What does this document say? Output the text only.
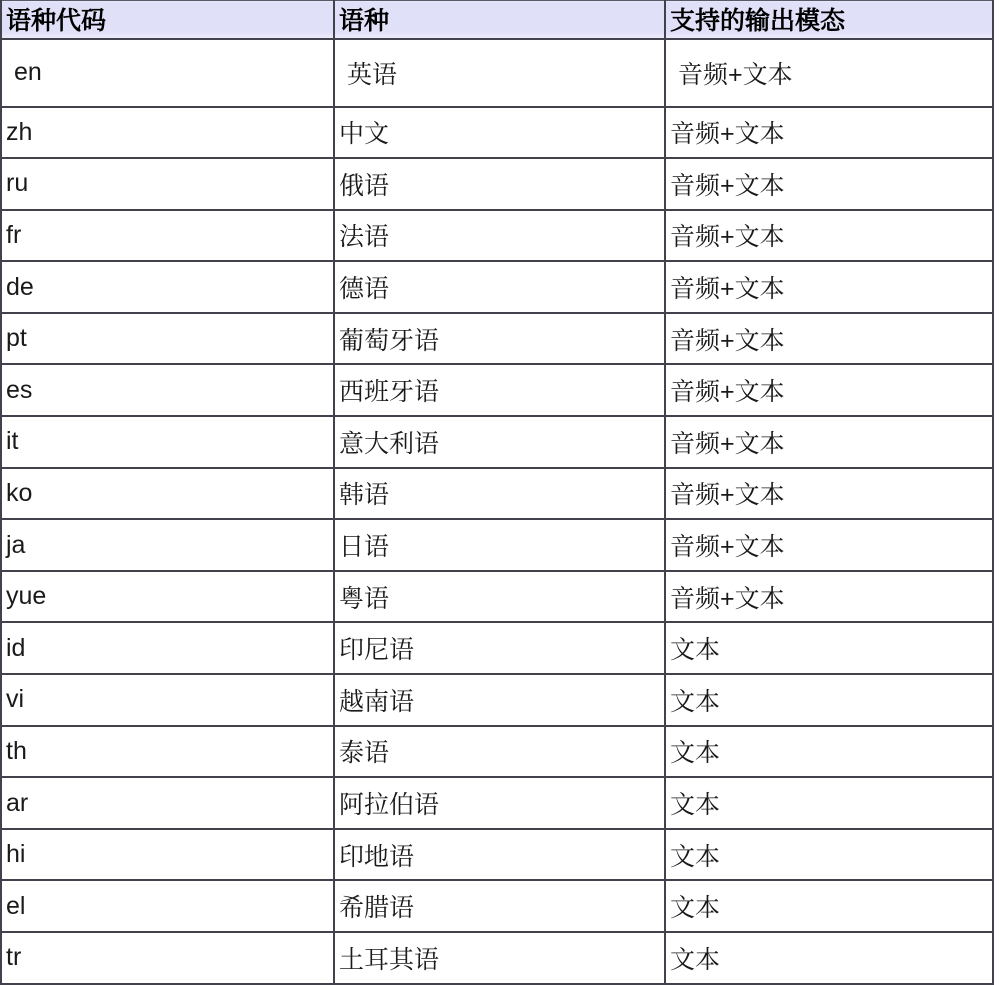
语种代码	语种	支持的输出模态
en	英语	音频+文本
zh	中文	音频+文本
ru	俄语	音频+文本
fr	法语	音频+文本
de	德语	音频+文本
pt	葡萄牙语	音频+文本
es	西班牙语	音频+文本
it	意大利语	音频+文本
ko	韩语	音频+文本
ja	日语	音频+文本
yue	粤语	音频+文本
id	印尼语	文本
vi	越南语	文本
th	泰语	文本
ar	阿拉伯语	文本
hi	印地语	文本
el	希腊语	文本
tr	土耳其语	文本
